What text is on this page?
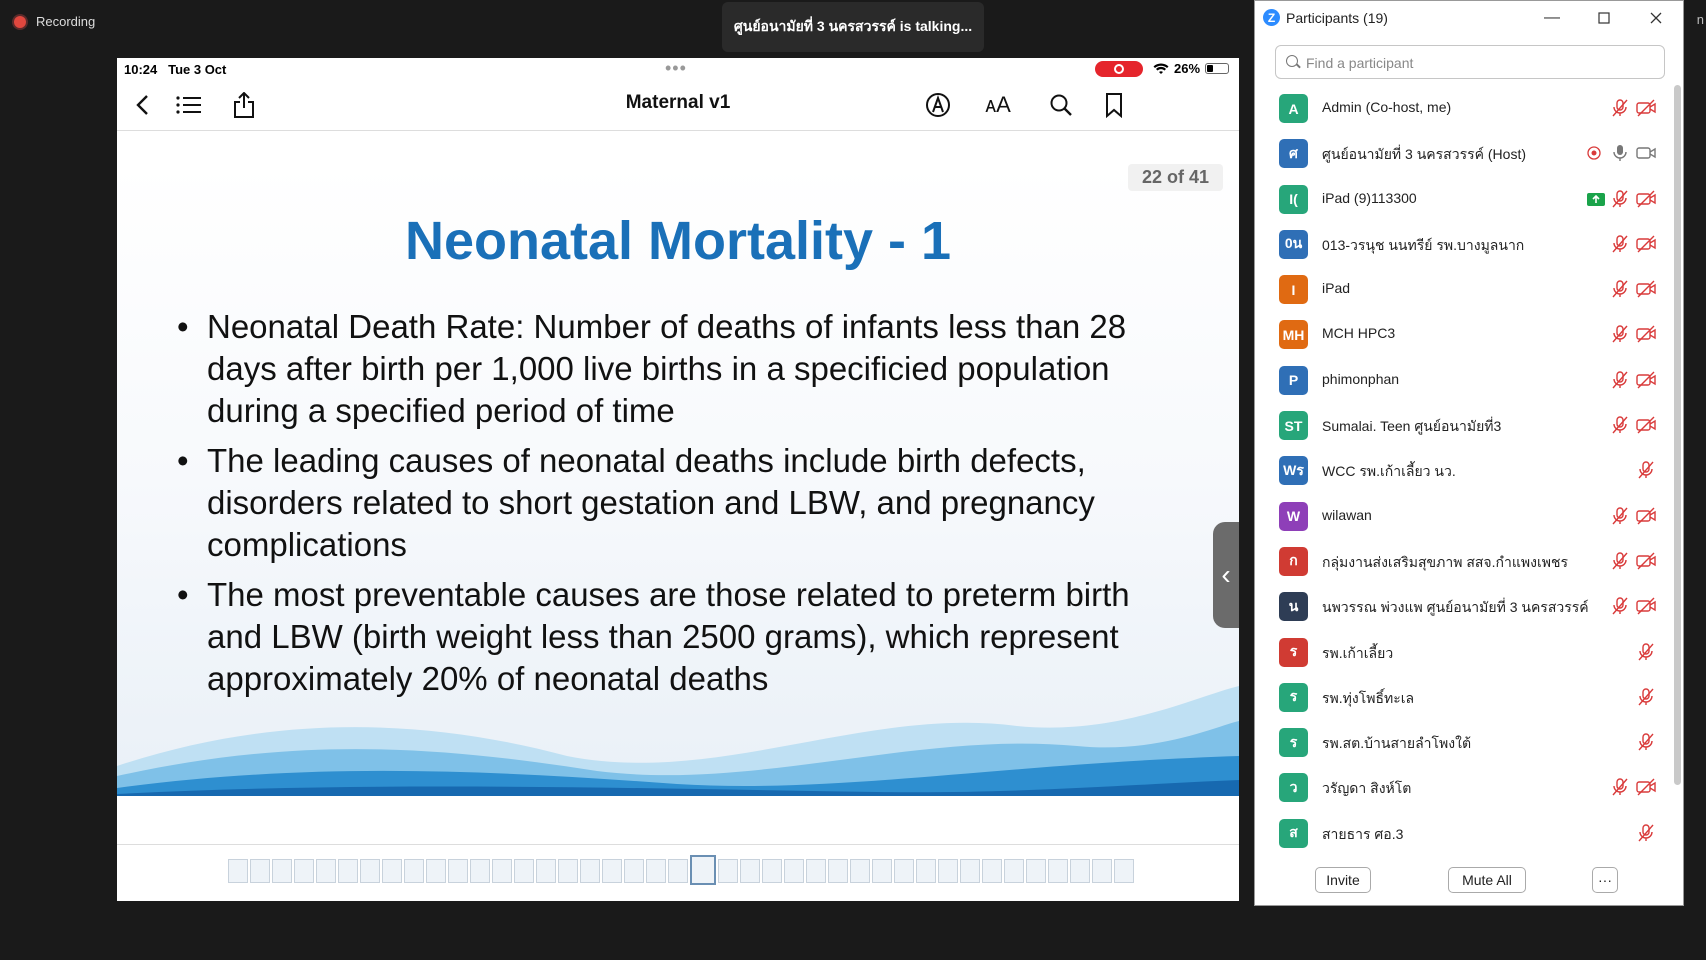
Recording	ศูนย์อนามัยที่ 3 นครสวรรค์ is talking...	n
10:24 Tue 3 Oct	•••	26%
Maternal v1	ᴀA
22 of 41
Neonatal Mortality - 1
• Neonatal Death Rate: Number of deaths of infants less than 28 days after birth per 1,000 live births in a specificied population during a specified period of time
• The leading causes of neonatal deaths include birth defects, disorders related to short gestation and LBW, and pregnancy complications
• The most preventable causes are those related to preterm birth and LBW (birth weight less than 2500 grams), which represent approximately 20% of neonatal deaths
‹
Z Participants (19)	—
Find a participant
A	Admin (Co-host, me)
ศ	ศูนย์อนามัยที่ 3 นครสวรรค์ (Host)
I(	iPad (9)113300
0น	013-วรนุช นนทรีย์ รพ.บางมูลนาก
I	iPad
MH MCH HPC3
P	phimonphan
ST	Sumalai. Teen ศูนย์อนามัยที่3
Wร WCC รพ.เก้าเลี้ยว นว.
W	wilawan
ก	กลุ่มงานส่งเสริมสุขภาพ สสจ.กำแพงเพชร
น	นพวรรณ พ่วงแพ ศูนย์อนามัยที่ 3 นครสวรรค์
ร	รพ.เก้าเลี้ยว
ร	รพ.ทุ่งโพธิ์ทะเล
ร	รพ.สต.บ้านสายลำโพงใต้
ว	วรัญดา สิงห์โต
ส	สายธาร ศอ.3
Invite	Mute All	···
